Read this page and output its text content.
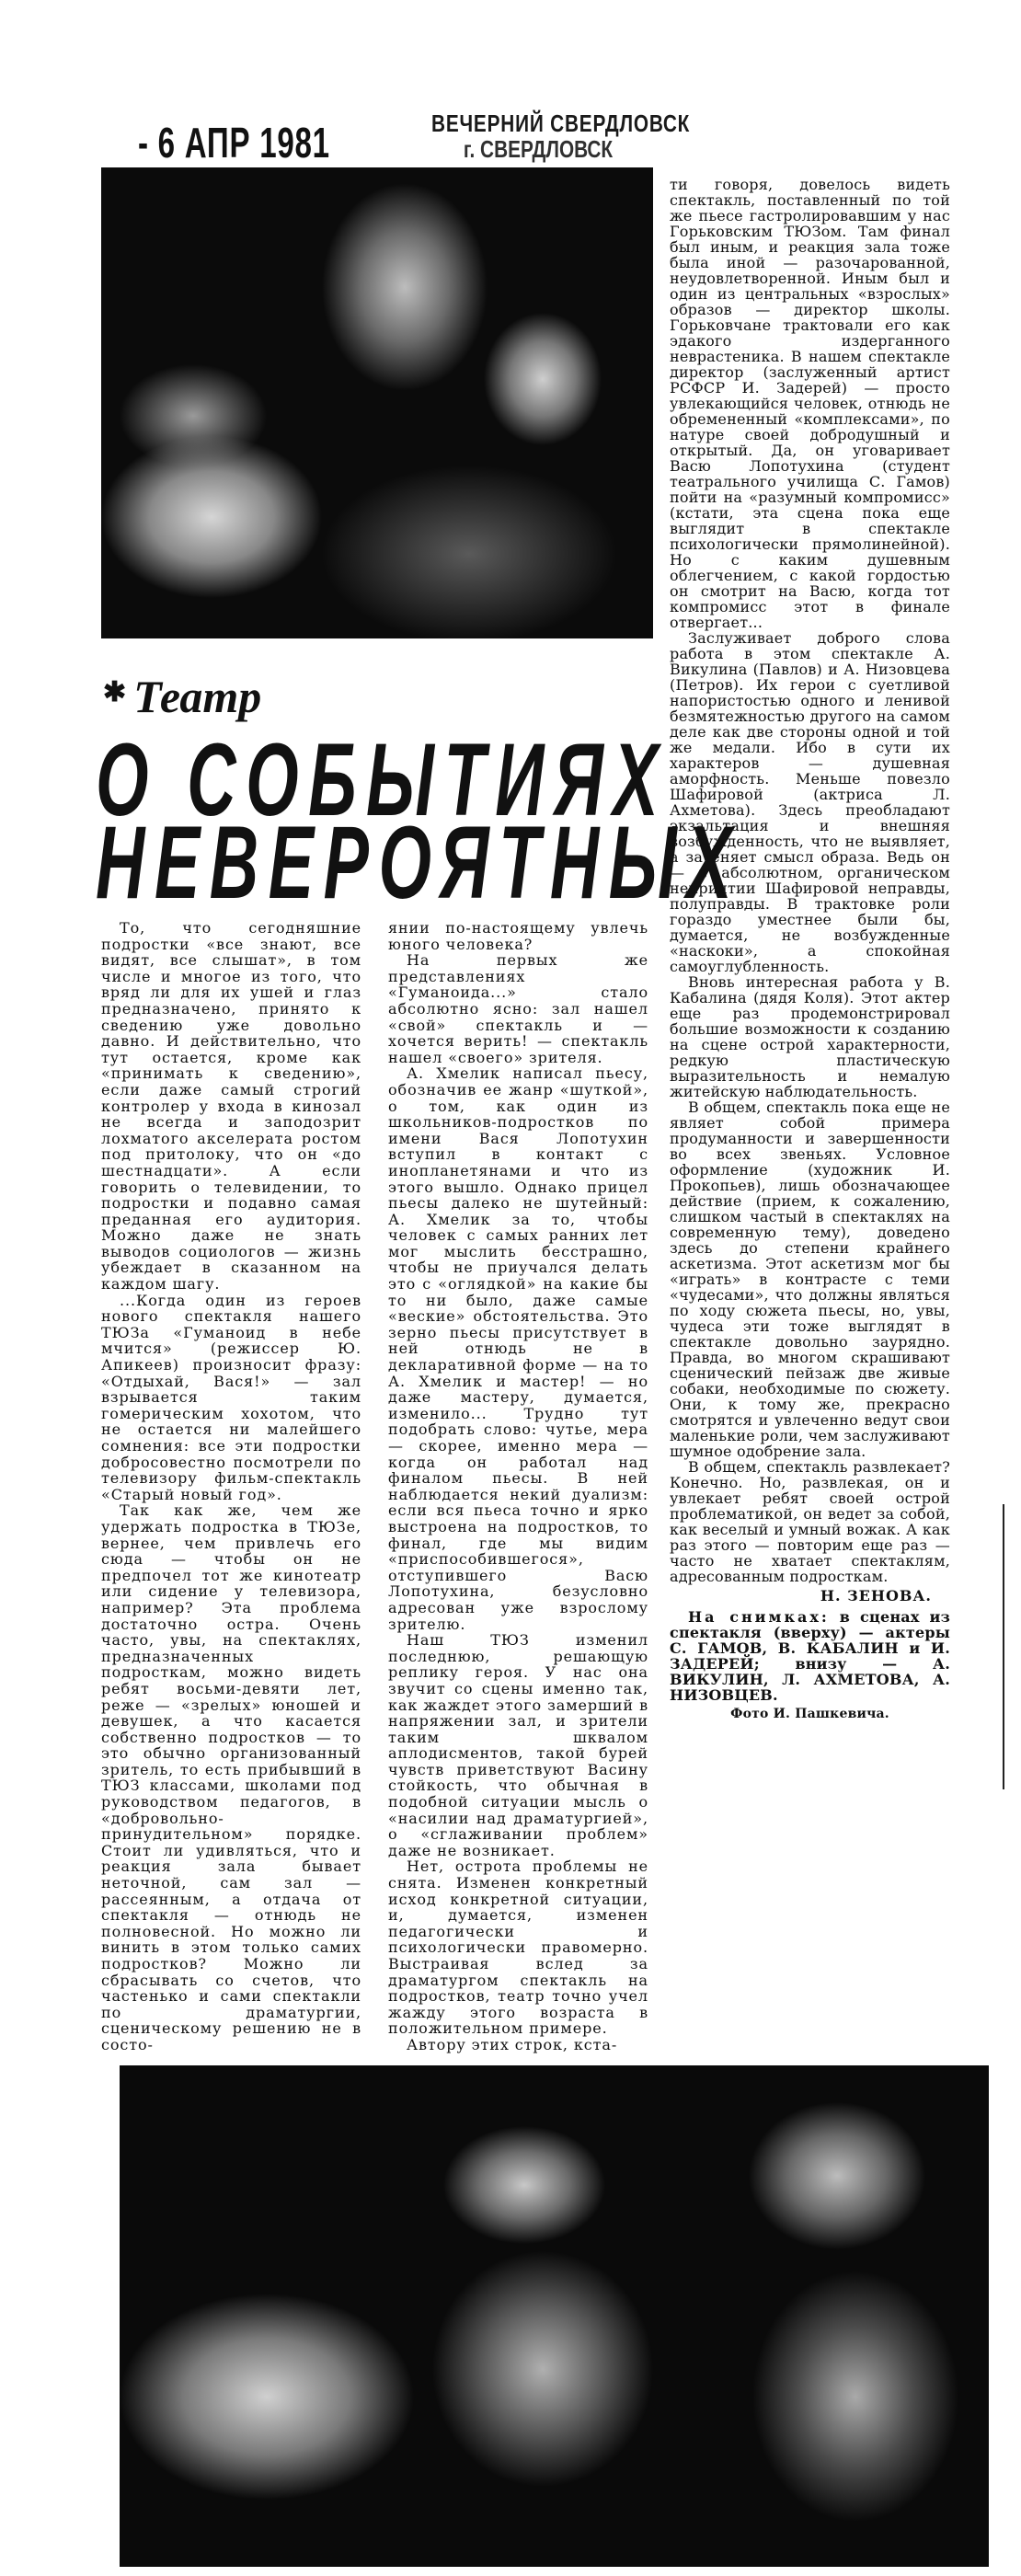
- 6 АПР 1981	ВЕЧЕРНИЙ СВЕРДЛОВСК
г. СВЕРДЛОВСК
✱ Театр
О СОБЫТИЯХ
НЕВЕРОЯТНЫХ

То, что сегодняшние подростки «все знают, все видят, все слышат», в том числе и многое из того, что вряд ли для их ушей и глаз предназначено, принято к сведению уже довольно давно. И действительно, что тут остается, кроме как «принимать к сведению», если даже самый строгий контролер у входа в кинозал не всегда и заподозрит лохматого акселерата ростом под притолоку, что он «до шестнадцати». А если говорить о телевидении, то подростки и подавно самая преданная его аудитория. Можно даже не знать выводов социологов — жизнь убеждает в сказанном на каждом шагу.

...Когда один из героев нового спектакля нашего ТЮЗа «Гуманоид в небе мчится» (режиссер Ю. Апикеев) произносит фразу: «Отдыхай, Вася!» — зал взрывается таким гомерическим хохотом, что не остается ни малейшего сомнения: все эти подростки добросовестно посмотрели по телевизору фильм-спектакль «Старый новый год».

Так как же, чем же удержать подростка в ТЮЗе, вернее, чем привлечь его сюда — чтобы он не предпочел тот же кинотеатр или сидение у телевизора, например? Эта проблема достаточно остра. Очень часто, увы, на спектаклях, предназначенных подросткам, можно видеть ребят восьми-девяти лет, реже — «зрелых» юношей и девушек, а что касается собственно подростков — то это обычно организованный зритель, то есть прибывший в ТЮЗ классами, школами под руководством педагогов, в «добровольно-принудительном» порядке. Стоит ли удивляться, что и реакция зала бывает неточной, сам зал — рассеянным, а отдача от спектакля — отнюдь не полновесной. Но можно ли винить в этом только самих подростков? Можно ли сбрасывать со счетов, что частенько и сами спектакли по драматургии, сценическому решению не в состо-

янии по-настоящему увлечь юного человека?

На первых же представлениях «Гуманоида...» стало абсолютно ясно: зал нашел «свой» спектакль и — хочется верить! — спектакль нашел «своего» зрителя.

А. Хмелик написал пьесу, обозначив ее жанр «шуткой», о том, как один из школьников-подростков по имени Вася Лопотухин вступил в контакт с инопланетянами и что из этого вышло. Однако прицел пьесы далеко не шутейный: А. Хмелик за то, чтобы человек с самых ранних лет мог мыслить бесстрашно, чтобы не приучался делать это с «оглядкой» на какие бы то ни было, даже самые «веские» обстоятельства. Это зерно пьесы присутствует в ней отнюдь не в декларативной форме — на то А. Хмелик и мастер! — но даже мастеру, думается, изменило... Трудно тут подобрать слово: чутье, мера — скорее, именно мера — когда он работал над финалом пьесы. В ней наблюдается некий дуализм: если вся пьеса точно и ярко выстроена на подростков, то финал, где мы видим «приспособившегося», отступившего Васю Лопотухина, безусловно адресован уже взрослому зрителю.

Наш ТЮЗ изменил последнюю, решающую реплику героя. У нас она звучит со сцены именно так, как жаждет этого замерший в напряжении зал, и зрители таким шквалом аплодисментов, такой бурей чувств приветствуют Васину стойкость, что обычная в подобной ситуации мысль о «насилии над драматургией», о «сглаживании проблем» даже не возникает.

Нет, острота проблемы не снята. Изменен конкретный исход конкретной ситуации, и, думается, изменен педагогически и психологически правомерно. Выстраивая вслед за драматургом спектакль на подростков, театр точно учел жажду этого возраста в положительном примере.

Автору этих строк, кста-

ти говоря, довелось видеть спектакль, поставленный по той же пьесе гастролировавшим у нас Горьковским ТЮЗом. Там финал был иным, и реакция зала тоже была иной — разочарованной, неудовлетворенной. Иным был и один из центральных «взрослых» образов — директор школы. Горьковчане трактовали его как эдакого издерганного неврастеника. В нашем спектакле директор (заслуженный артист РСФСР И. Задерей) — просто увлекающийся человек, отнюдь не обремененный «комплексами», по натуре своей добродушный и открытый. Да, он уговаривает Васю Лопотухина (студент театрального училища С. Гамов) пойти на «разумный компромисс» (кстати, эта сцена пока еще выглядит в спектакле психологически прямолинейной). Но с каким душевным облегчением, с какой гордостью он смотрит на Васю, когда тот компромисс этот в финале отвергает...

Заслуживает доброго слова работа в этом спектакле А. Викулина (Павлов) и А. Низовцева (Петров). Их герои с суетливой напористостью одного и ленивой безмятежностью другого на самом деле как две стороны одной и той же медали. Ибо в сути их характеров — душевная аморфность. Меньше повезло Шафировой (актриса Л. Ахметова). Здесь преобладают экзальтация и внешняя возбужденность, что не выявляет, а затеняет смысл образа. Ведь он — в абсолютном, органическом неприятии Шафировой неправды, полуправды. В трактовке роли гораздо уместнее были бы, думается, не возбужденные «наскоки», а спокойная самоуглубленность.

Вновь интересная работа у В. Кабалина (дядя Коля). Этот актер еще раз продемонстрировал большие возможности к созданию на сцене острой характерности, редкую пластическую выразительность и немалую житейскую наблюдательность.

В общем, спектакль пока еще не являет собой примера продуманности и завершенности во всех звеньях. Условное оформление (художник И. Прокопьев), лишь обозначающее действие (прием, к сожалению, слишком частый в спектаклях на современную тему), доведено здесь до степени крайнего аскетизма. Этот аскетизм мог бы «играть» в контрасте с теми «чудесами», что должны являться по ходу сюжета пьесы, но, увы, чудеса эти тоже выглядят в спектакле довольно заурядно. Правда, во многом скрашивают сценический пейзаж две живые собаки, необходимые по сюжету. Они, к тому же, прекрасно смотрятся и увлеченно ведут свои маленькие роли, чем заслуживают шумное одобрение зала.

В общем, спектакль развлекает? Конечно. Но, развлекая, он и увлекает ребят своей острой проблематикой, он ведет за собой, как веселый и умный вожак. А как раз этого — повторим еще раз — часто не хватает спектаклям, адресованным подросткам.

Н. ЗЕНОВА.

На снимках: в сценах из спектакля (вверху) — актеры С. ГАМОВ, В. КАБАЛИН и И. ЗАДЕРЕЙ; внизу — А. ВИКУЛИН, Л. АХМЕТОВА, А. НИЗОВЦЕВ.

Фото И. Пашкевича.
